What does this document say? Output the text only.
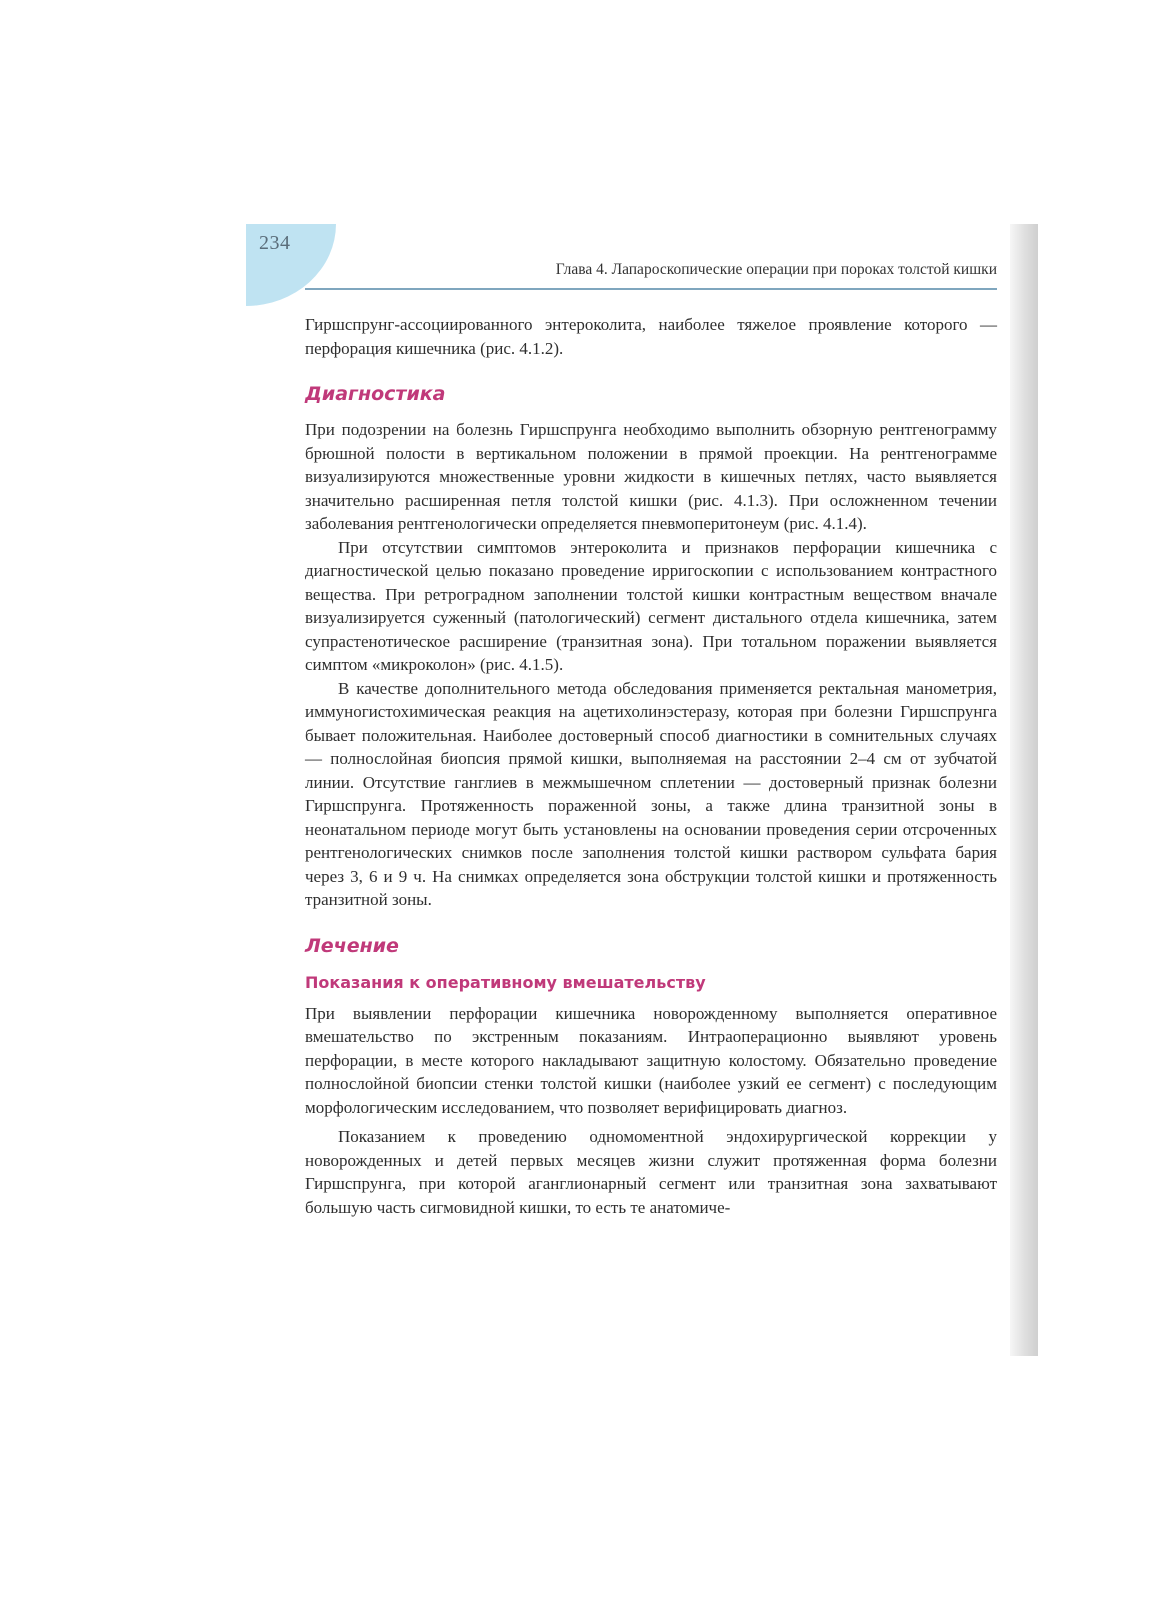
234
Глава 4. Лапароскопические операции при пороках толстой кишки

Гиршспрунг-ассоциированного энтероколита, наиболее тяжелое проявление которого — перфорация кишечника (рис. 4.1.2).

Диагностика

При подозрении на болезнь Гиршспрунга необходимо выполнить обзорную рентгенограмму брюшной полости в вертикальном положении в прямой проекции. На рентгенограмме визуализируются множественные уровни жидкости в кишечных петлях, часто выявляется значительно расширенная петля толстой кишки (рис. 4.1.3). При осложненном течении заболевания рентгенологически определяется пневмоперитонеум (рис. 4.1.4).

При отсутствии симптомов энтероколита и признаков перфорации кишечника с диагностической целью показано проведение ирригоскопии с использованием контрастного вещества. При ретроградном заполнении толстой кишки контрастным веществом вначале визуализируется суженный (патологический) сегмент дистального отдела кишечника, затем супрастенотическое расширение (транзитная зона). При тотальном поражении выявляется симптом «микроколон» (рис. 4.1.5).

В качестве дополнительного метода обследования применяется ректальная манометрия, иммуногистохимическая реакция на ацетихолинэстеразу, которая при болезни Гиршспрунга бывает положительная. Наиболее достоверный способ диагностики в сомнительных случаях — полнослойная биопсия прямой кишки, выполняемая на расстоянии 2–4 см от зубчатой линии. Отсутствие ганглиев в межмышечном сплетении — достоверный признак болезни Гиршспрунга. Протяженность пораженной зоны, а также длина транзитной зоны в неонатальном периоде могут быть установлены на основании проведения серии отсроченных рентгенологических снимков после заполнения толстой кишки раствором сульфата бария через 3, 6 и 9 ч. На снимках определяется зона обструкции толстой кишки и протяженность транзитной зоны.

Лечение
Показания к оперативному вмешательству

При выявлении перфорации кишечника новорожденному выполняется оперативное вмешательство по экстренным показаниям. Интраоперационно выявляют уровень перфорации, в месте которого накладывают защитную колостому. Обязательно проведение полнослойной биопсии стенки толстой кишки (наиболее узкий ее сегмент) с последующим морфологическим исследованием, что позволяет верифицировать диагноз.

Показанием к проведению одномоментной эндохирургической коррекции у новорожденных и детей первых месяцев жизни служит протяженная форма болезни Гиршспрунга, при которой аганглионарный сегмент или транзитная зона захватывают большую часть сигмовидной кишки, то есть те анатомиче-
